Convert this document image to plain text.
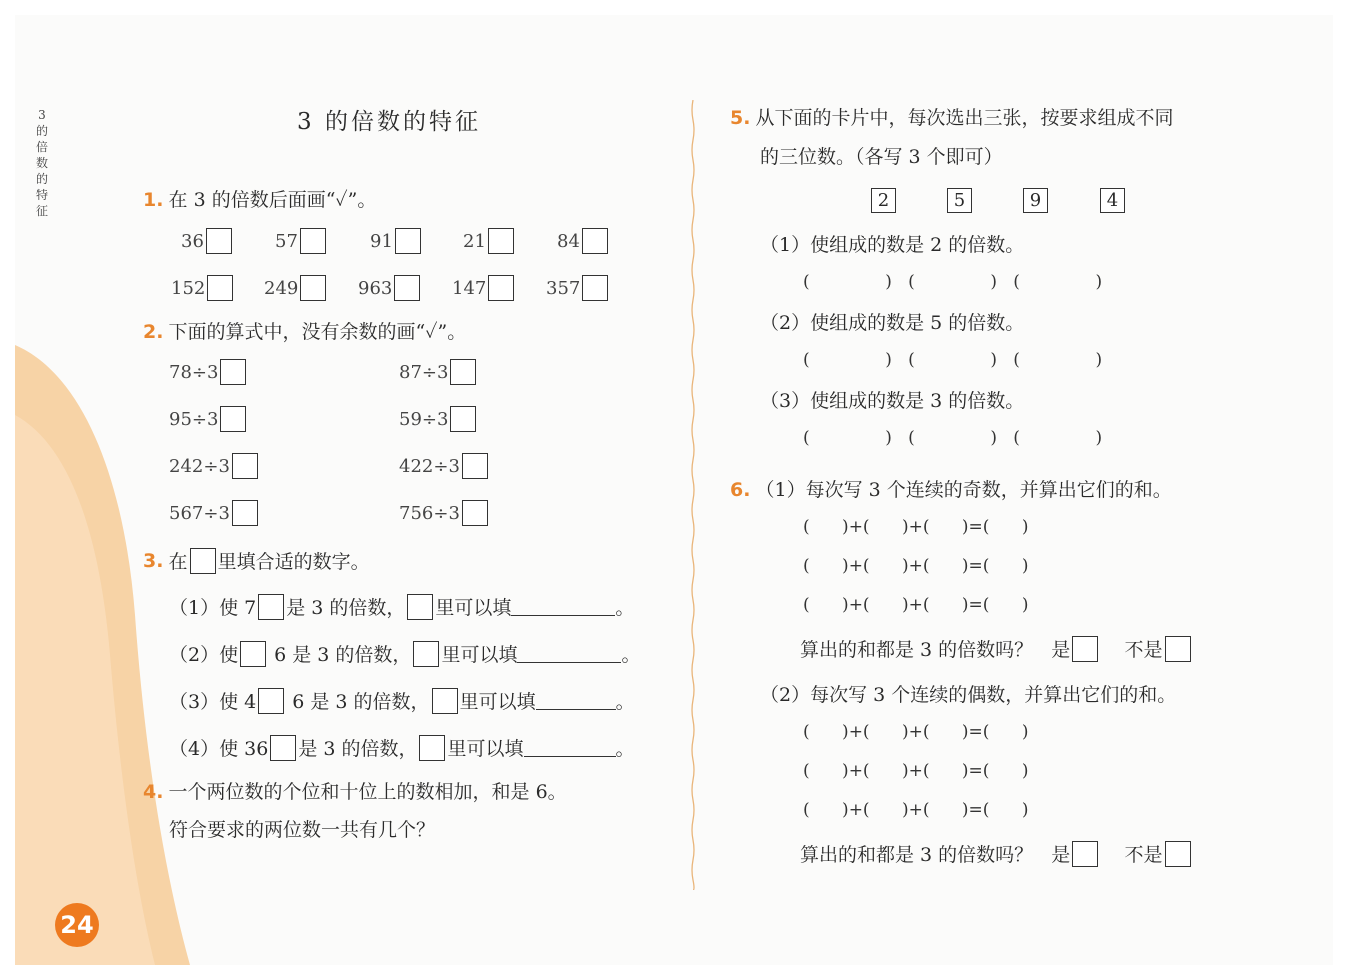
3
的
倍
数
的
特
征
3 的倍数的特征
1. 在 3 的倍数后面画“✓”。
36	57	91	21	84
152	249	963	147	357
2. 下面的算式中，没有余数的画“✓”。
78÷3	87÷3
95÷3	59÷3
242÷3	422÷3
567÷3	756÷3
3.
在 里填合适的数字。
（1）使 7 是 3 的倍数， 里可以填	。
（2）使
6 是 3 的倍数， 里可以填	。
（3）使 4
6 是 3 的倍数， 里可以填	。
（4）使 36 是 3 的倍数， 里可以填	。
4. 一个两位数的个位和十位上的数相加，和是 6。
符合要求的两位数一共有几个？
5. 从下面的卡片中，每次选出三张，按要求组成不同
的三位数。（各写 3 个即可）
2	5	9	4
（1）使组成的数是 2 的倍数。
(              )   (              )   (              )
（2）使组成的数是 5 的倍数。
(              )   (              )   (              )
（3）使组成的数是 3 的倍数。
(              )   (              )   (              )
6. （1）每次写 3 个连续的奇数，并算出它们的和。
(      )+(      )+(      )=(      )
(      )+(      )+(      )=(      )
(      )+(      )+(      )=(      )
算出的和都是 3 的倍数吗？
是
	不是
（2）每次写 3 个连续的偶数，并算出它们的和。
(      )+(      )+(      )=(      )
(      )+(      )+(      )=(      )
(      )+(      )+(      )=(      )
算出的和都是 3 的倍数吗？
是
	不是
24
